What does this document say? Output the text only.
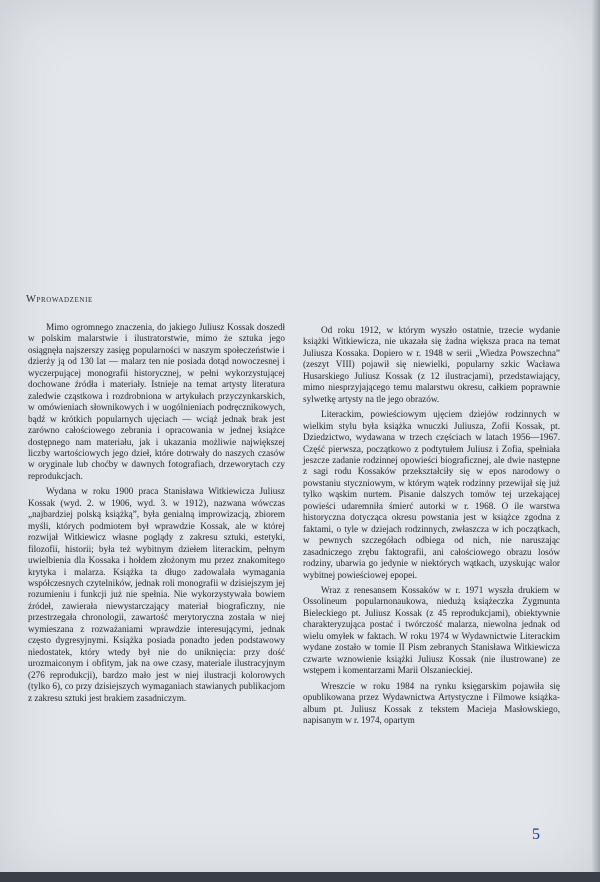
Wprowadzenie

Mimo ogromnego znaczenia, do jakiego Juliusz Kossak doszedł w polskim malarstwie i ilustratorstwie, mimo że sztuka jego osiągnęła najszerszy zasięg popularności w naszym społeczeństwie i dzierży ją od 130 lat — malarz ten nie posiada dotąd nowoczesnej i wyczerpującej monografii historycznej, w pełni wykorzystującej dochowane źródła i materiały. Istnieje na temat artysty literatura zaledwie cząstkowa i rozdrobniona w artykułach przyczynkarskich, w omówieniach słownikowych i w uogólnieniach podręcznikowych, bądź w krótkich popularnych ujęciach — wciąż jednak brak jest zarówno całościowego zebrania i opracowania w jednej książce dostępnego nam materiału, jak i ukazania możliwie największej liczby wartościowych jego dzieł, które dotrwały do naszych czasów w oryginale lub choćby w dawnych fotografiach, drzeworytach czy reprodukcjach.

Wydana w roku 1900 praca Stanisława Witkiewicza Juliusz Kossak (wyd. 2. w 1906, wyd. 3. w 1912), nazwana wówczas „najbardziej polską książką”, była genialną improwizacją, zbiorem myśli, których podmiotem był wprawdzie Kossak, ale w której rozwijał Witkiewicz własne poglądy z zakresu sztuki, estetyki, filozofii, historii; była też wybitnym dziełem literackim, pełnym uwielbienia dla Kossaka i hołdem złożonym mu przez znakomitego krytyka i malarza. Książka ta długo zadowalała wymagania współczesnych czytelników, jednak roli monografii w dzisiejszym jej rozumieniu i funkcji już nie spełnia. Nie wykorzystywała bowiem źródeł, zawierała niewystarczający materiał biograficzny, nie przestrzegała chronologii, zawartość merytoryczna została w niej wymieszana z rozważaniami wprawdzie interesującymi, jednak często dygresyjnymi. Książka posiada ponadto jeden podstawowy niedostatek, który wtedy był nie do uniknięcia: przy dość urozmaiconym i obfitym, jak na owe czasy, materiale ilustracyjnym (276 reprodukcji), bardzo mało jest w niej ilustracji kolorowych (tylko 6), co przy dzisiejszych wymaganiach stawianych publikacjom z zakresu sztuki jest brakiem zasadniczym.

Od roku 1912, w którym wyszło ostatnie, trzecie wydanie książki Witkiewicza, nie ukazała się żadna większa praca na temat Juliusza Kossaka. Dopiero w r. 1948 w serii „Wiedza Powszechna” (zeszyt VIII) pojawił się niewielki, popularny szkic Wacława Husarskiego Juliusz Kossak (z 12 ilustracjami), przedstawiający, mimo niesprzyjającego temu malarstwu okresu, całkiem poprawnie sylwetkę artysty na tle jego obrazów.

Literackim, powieściowym ujęciem dziejów rodzinnych w wielkim stylu była książka wnuczki Juliusza, Zofii Kossak, pt. Dziedzictwo, wydawana w trzech częściach w latach 1956—1967. Część pierwsza, początkowo z podtytułem Juliusz i Zofia, spełniała jeszcze zadanie rodzinnej opowieści biograficznej, ale dwie następne z sagi rodu Kossaków przekształciły się w epos narodowy o powstaniu styczniowym, w którym wątek rodzinny przewijał się już tylko wąskim nurtem. Pisanie dalszych tomów tej urzekającej powieści udaremniła śmierć autorki w r. 1968. O ile warstwa historyczna dotycząca okresu powstania jest w książce zgodna z faktami, o tyle w dziejach rodzinnych, zwłaszcza w ich początkach, w pewnych szczegółach odbiega od nich, nie naruszając zasadniczego zrębu faktografii, ani całościowego obrazu losów rodziny, ubarwia go jedynie w niektórych wątkach, uzyskując walor wybitnej powieściowej epopei.

Wraz z renesansem Kossaków w r. 1971 wyszła drukiem w Ossolineum popularnonaukowa, niedużą książeczka Zygmunta Bieleckiego pt. Juliusz Kossak (z 45 reprodukcjami), obiektywnie charakteryzująca postać i twórczość malarza, niewolna jednak od wielu omyłek w faktach. W roku 1974 w Wydawnictwie Literackim wydane zostało w tomie II Pism zebranych Stanisława Witkiewicza czwarte wznowienie książki Juliusz Kossak (nie ilustrowane) ze wstępem i komentarzami Marii Olszanieckiej.

Wreszcie w roku 1984 na rynku księgarskim pojawiła się opublikowana przez Wydawnictwa Artystyczne i Filmowe książka-album pt. Juliusz Kossak z tekstem Macieja Masłowskiego, napisanym w r. 1974, opartym

5
